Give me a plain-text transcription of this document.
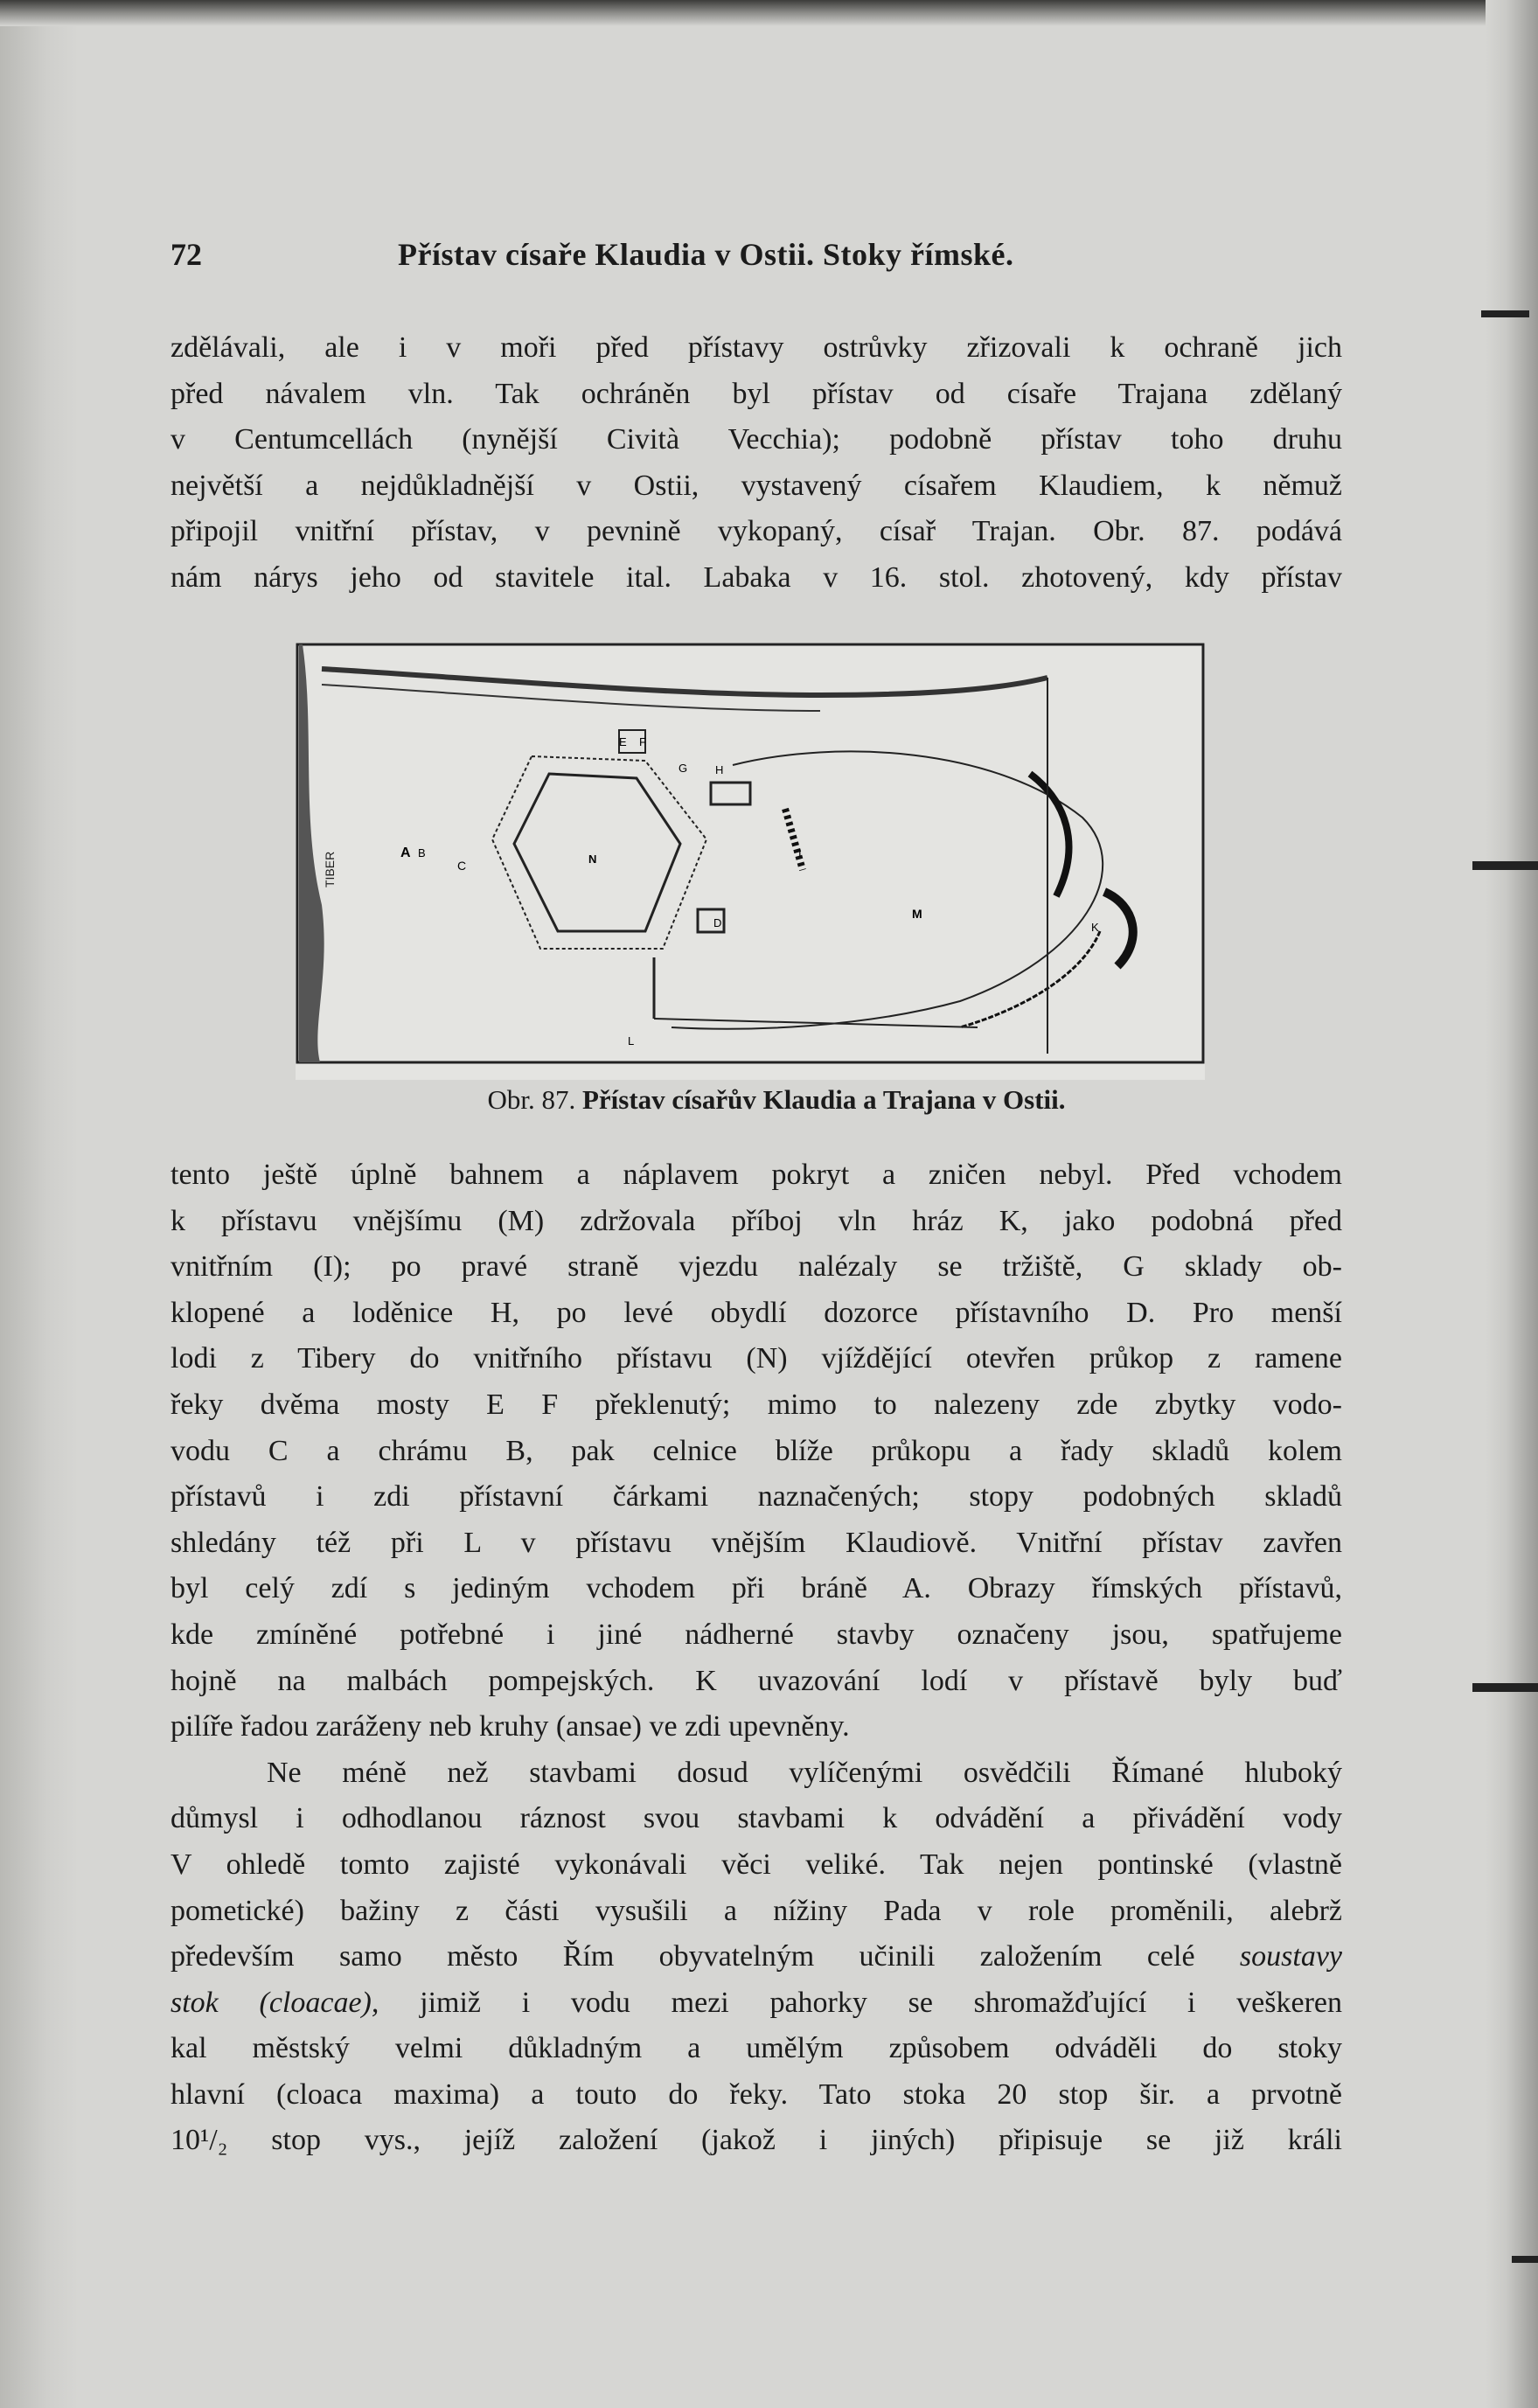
72	Přístav císaře Klaudia v Ostii. Stoky římské.
zdělávali, ale i v moři před přístavy ostrůvky zřizovali k ochraně jich
před návalem vln. Tak ochráněn byl přístav od císaře Trajana zdělaný
v Centumcellách (nynější Cività Vecchia); podobně přístav toho druhu
největší a nejdůkladnější v Ostii, vystavený císařem Klaudiem, k němuž
připojil vnitřní přístav, v pevnině vykopaný, císař Trajan. Obr. 87. podává
nám nárys jeho od stavitele ital. Labaka v 16. stol. zhotovený, kdy přístav
TIBER	A B
C
D
E F
G H
I
K
L
M
N
Obr. 87. Přístav císařův Klaudia a Trajana v Ostii.
tento ještě úplně bahnem a náplavem pokryt a zničen nebyl. Před vchodem
k přístavu vnějšímu (M) zdržovala příboj vln hráz K, jako podobná před
vnitřním (I); po pravé straně vjezdu nalézaly se tržiště, G sklady ob-
klopené a loděnice H, po levé obydlí dozorce přístavního D. Pro menší
lodi z Tibery do vnitřního přístavu (N) vjíždějící otevřen průkop z ramene
řeky dvěma mosty E F překlenutý; mimo to nalezeny zde zbytky vodo-
vodu C a chrámu B, pak celnice blíže průkopu a řady skladů kolem
přístavů i zdi přístavní čárkami naznačených; stopy podobných skladů
shledány též při L v přístavu vnějším Klaudiově. Vnitřní přístav zavřen
byl celý zdí s jediným vchodem při bráně A. Obrazy římských přístavů,
kde zmíněné potřebné i jiné nádherné stavby označeny jsou, spatřujeme
hojně na malbách pompejských. K uvazování lodí v přístavě byly buď
pilíře řadou zaráženy neb kruhy (ansae) ve zdi upevněny.
Ne méně než stavbami dosud vylíčenými osvědčili Římané hluboký
důmysl i odhodlanou ráznost svou stavbami k odvádění a přivádění vody
V ohledě tomto zajisté vykonávali věci veliké. Tak nejen pontinské (vlastně
pometické) bažiny z části vysušili a nížiny Pada v role proměnili, alebrž
především samo město Řím obyvatelným učinili založením celé soustavy
stok (cloacae), jimiž i vodu mezi pahorky se shromažďující i veškeren
kal městský velmi důkladným a umělým způsobem odváděli do stoky
hlavní (cloaca maxima) a touto do řeky. Tato stoka 20 stop šir. a prvotně
10¹/₂ stop vys., jejíž založení (jakož i jiných) připisuje se již králi
